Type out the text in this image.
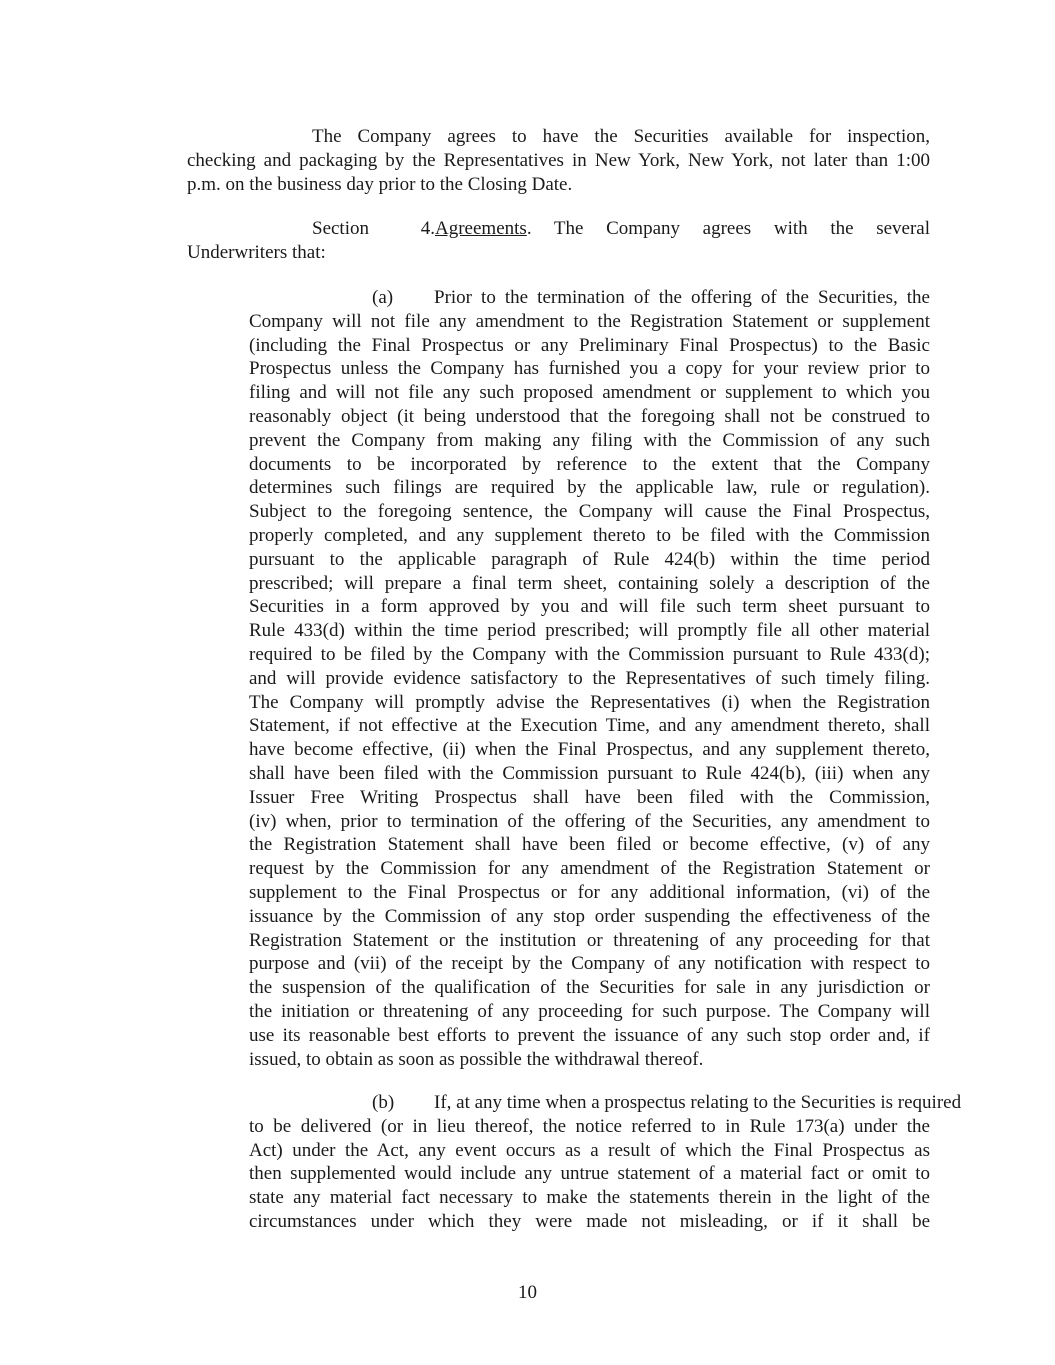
The Company agrees to have the Securities available for inspection,
checking and packaging by the Representatives in New York, New York, not later than 1:00
p.m. on the business day prior to the Closing Date.
Section 4.Agreements. The Company agrees with the several
Underwriters that:
(a) Prior to the termination of the offering of the Securities, the
Company will not file any amendment to the Registration Statement or supplement
(including the Final Prospectus or any Preliminary Final Prospectus) to the Basic
Prospectus unless the Company has furnished you a copy for your review prior to
filing and will not file any such proposed amendment or supplement to which you
reasonably object (it being understood that the foregoing shall not be construed to
prevent the Company from making any filing with the Commission of any such
documents to be incorporated by reference to the extent that the Company
determines such filings are required by the applicable law, rule or regulation).
Subject to the foregoing sentence, the Company will cause the Final Prospectus,
properly completed, and any supplement thereto to be filed with the Commission
pursuant to the applicable paragraph of Rule 424(b) within the time period
prescribed; will prepare a final term sheet, containing solely a description of the
Securities in a form approved by you and will file such term sheet pursuant to
Rule 433(d) within the time period prescribed; will promptly file all other material
required to be filed by the Company with the Commission pursuant to Rule 433(d);
and will provide evidence satisfactory to the Representatives of such timely filing.
The Company will promptly advise the Representatives (i) when the Registration
Statement, if not effective at the Execution Time, and any amendment thereto, shall
have become effective, (ii) when the Final Prospectus, and any supplement thereto,
shall have been filed with the Commission pursuant to Rule 424(b), (iii) when any
Issuer Free Writing Prospectus shall have been filed with the Commission,
(iv) when, prior to termination of the offering of the Securities, any amendment to
the Registration Statement shall have been filed or become effective, (v) of any
request by the Commission for any amendment of the Registration Statement or
supplement to the Final Prospectus or for any additional information, (vi) of the
issuance by the Commission of any stop order suspending the effectiveness of the
Registration Statement or the institution or threatening of any proceeding for that
purpose and (vii) of the receipt by the Company of any notification with respect to
the suspension of the qualification of the Securities for sale in any jurisdiction or
the initiation or threatening of any proceeding for such purpose. The Company will
use its reasonable best efforts to prevent the issuance of any such stop order and, if
issued, to obtain as soon as possible the withdrawal thereof.
(b) If, at any time when a prospectus relating to the Securities is required
to be delivered (or in lieu thereof, the notice referred to in Rule 173(a) under the
Act) under the Act, any event occurs as a result of which the Final Prospectus as
then supplemented would include any untrue statement of a material fact or omit to
state any material fact necessary to make the statements therein in the light of the
circumstances under which they were made not misleading, or if it shall be
10
